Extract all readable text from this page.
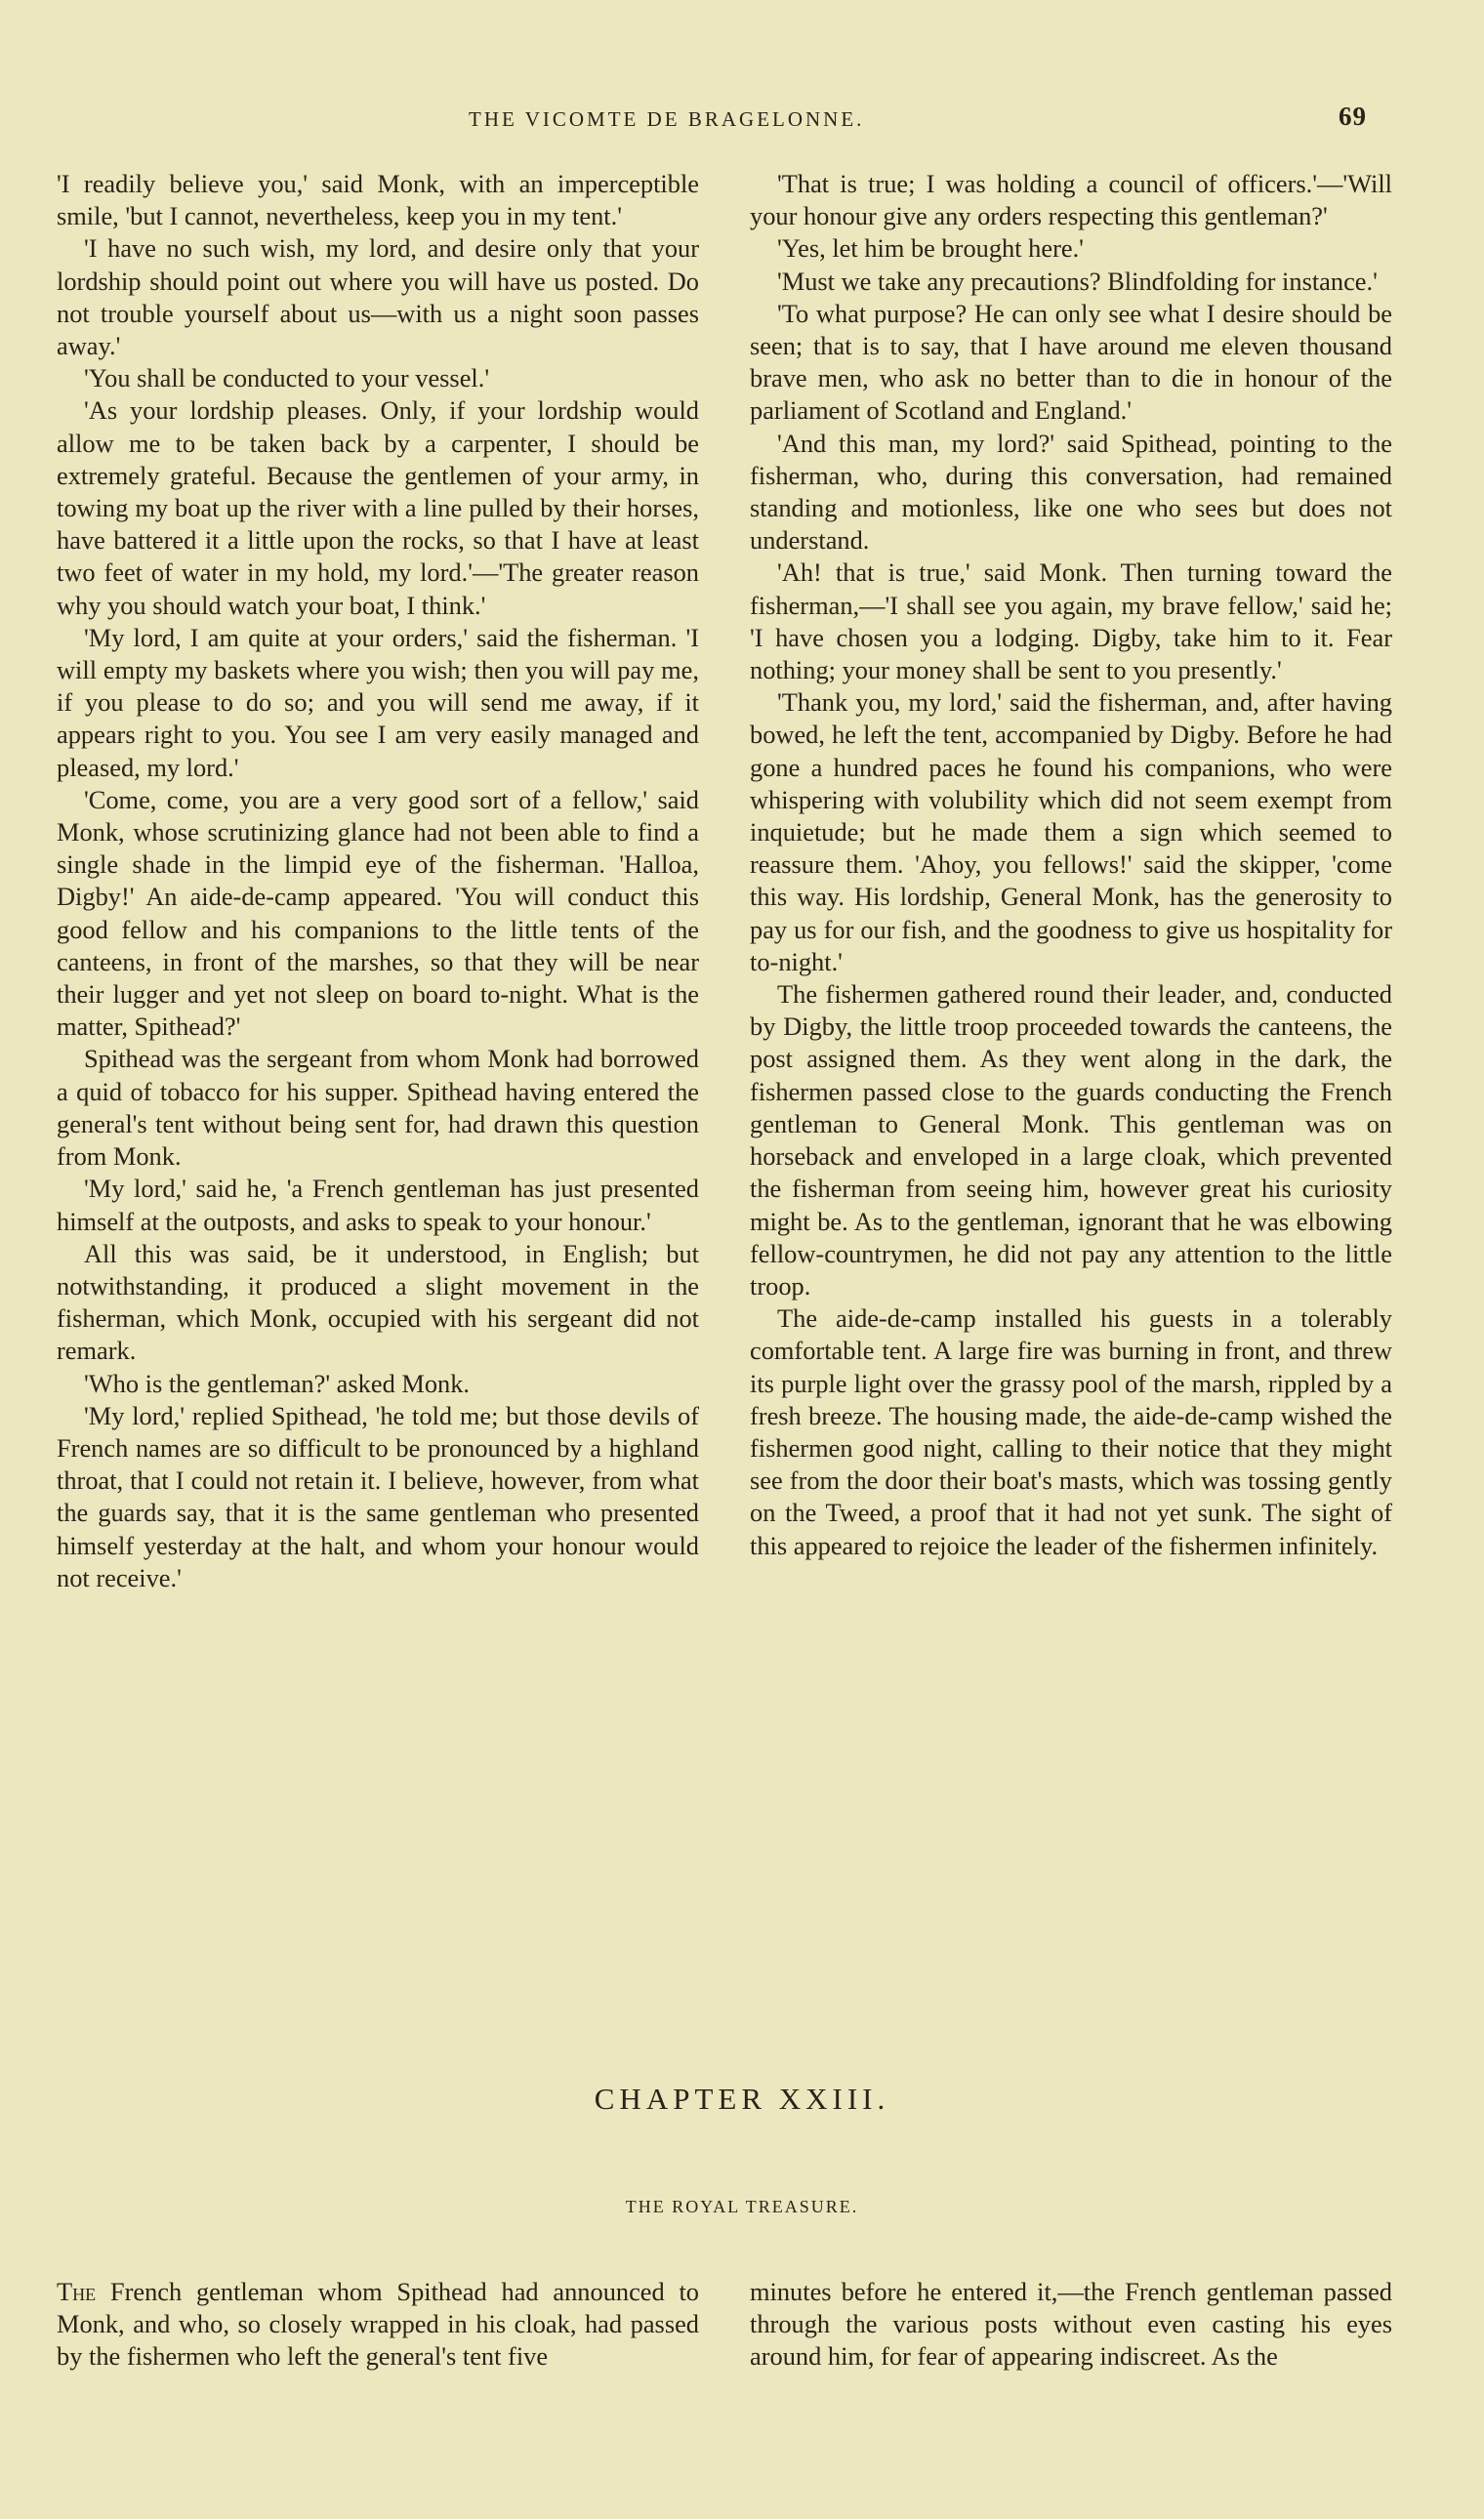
THE VICOMTE DE BRAGELONNE.	69

'I readily believe you,' said Monk, with an imperceptible smile, 'but I cannot, nevertheless, keep you in my tent.'

'I have no such wish, my lord, and desire only that your lordship should point out where you will have us posted. Do not trouble yourself about us—with us a night soon passes away.'

'You shall be conducted to your vessel.'

'As your lordship pleases. Only, if your lordship would allow me to be taken back by a carpenter, I should be extremely grateful. Because the gentlemen of your army, in towing my boat up the river with a line pulled by their horses, have battered it a little upon the rocks, so that I have at least two feet of water in my hold, my lord.'—'The greater reason why you should watch your boat, I think.'

'My lord, I am quite at your orders,' said the fisherman. 'I will empty my baskets where you wish; then you will pay me, if you please to do so; and you will send me away, if it appears right to you. You see I am very easily managed and pleased, my lord.'

'Come, come, you are a very good sort of a fellow,' said Monk, whose scrutinizing glance had not been able to find a single shade in the limpid eye of the fisherman. 'Halloa, Digby!' An aide-de-camp appeared. 'You will conduct this good fellow and his companions to the little tents of the canteens, in front of the marshes, so that they will be near their lugger and yet not sleep on board to-night. What is the matter, Spithead?'

Spithead was the sergeant from whom Monk had borrowed a quid of tobacco for his supper. Spithead having entered the general's tent without being sent for, had drawn this question from Monk.

'My lord,' said he, 'a French gentleman has just presented himself at the outposts, and asks to speak to your honour.'

All this was said, be it understood, in English; but notwithstanding, it produced a slight movement in the fisherman, which Monk, occupied with his sergeant did not remark.

'Who is the gentleman?' asked Monk.

'My lord,' replied Spithead, 'he told me; but those devils of French names are so difficult to be pronounced by a highland throat, that I could not retain it. I believe, however, from what the guards say, that it is the same gentleman who presented himself yesterday at the halt, and whom your honour would not receive.'

'That is true; I was holding a council of officers.'—'Will your honour give any orders respecting this gentleman?'

'Yes, let him be brought here.'

'Must we take any precautions? Blindfolding for instance.'

'To what purpose? He can only see what I desire should be seen; that is to say, that I have around me eleven thousand brave men, who ask no better than to die in honour of the parliament of Scotland and England.'

'And this man, my lord?' said Spithead, pointing to the fisherman, who, during this conversation, had remained standing and motionless, like one who sees but does not understand.

'Ah! that is true,' said Monk. Then turning toward the fisherman,—'I shall see you again, my brave fellow,' said he; 'I have chosen you a lodging. Digby, take him to it. Fear nothing; your money shall be sent to you presently.'

'Thank you, my lord,' said the fisherman, and, after having bowed, he left the tent, accompanied by Digby. Before he had gone a hundred paces he found his companions, who were whispering with volubility which did not seem exempt from inquietude; but he made them a sign which seemed to reassure them. 'Ahoy, you fellows!' said the skipper, 'come this way. His lordship, General Monk, has the generosity to pay us for our fish, and the goodness to give us hospitality for to-night.'

The fishermen gathered round their leader, and, conducted by Digby, the little troop proceeded towards the canteens, the post assigned them. As they went along in the dark, the fishermen passed close to the guards conducting the French gentleman to General Monk. This gentleman was on horseback and enveloped in a large cloak, which prevented the fisherman from seeing him, however great his curiosity might be. As to the gentleman, ignorant that he was elbowing fellow-countrymen, he did not pay any attention to the little troop.

The aide-de-camp installed his guests in a tolerably comfortable tent. A large fire was burning in front, and threw its purple light over the grassy pool of the marsh, rippled by a fresh breeze. The housing made, the aide-de-camp wished the fishermen good night, calling to their notice that they might see from the door their boat's masts, which was tossing gently on the Tweed, a proof that it had not yet sunk. The sight of this appeared to rejoice the leader of the fishermen infinitely.

CHAPTER XXIII.
THE ROYAL TREASURE.

The French gentleman whom Spithead had announced to Monk, and who, so closely wrapped in his cloak, had passed by the fishermen who left the general's tent five

minutes before he entered it,—the French gentleman passed through the various posts without even casting his eyes around him, for fear of appearing indiscreet. As the
